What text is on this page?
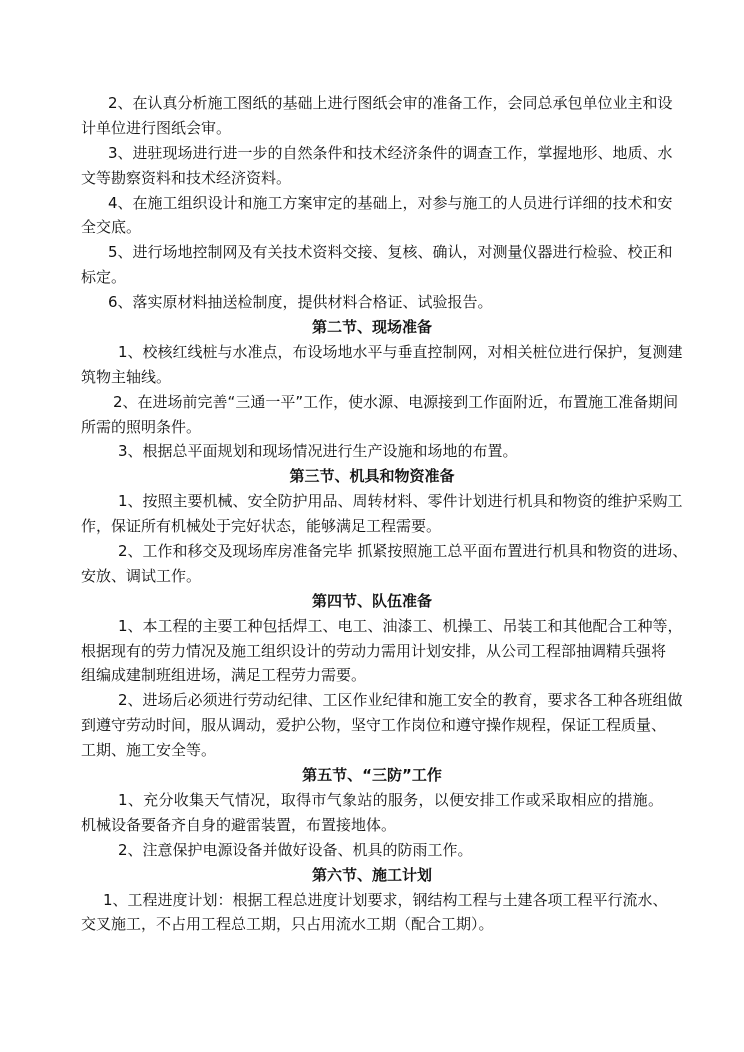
2、在认真分析施工图纸的基础上进行图纸会审的准备工作，会同总承包单位业主和设
计单位进行图纸会审。
3、进驻现场进行进一步的自然条件和技术经济条件的调查工作，掌握地形、地质、水
文等勘察资料和技术经济资料。
4、在施工组织设计和施工方案审定的基础上，对参与施工的人员进行详细的技术和安
全交底。
5、进行场地控制网及有关技术资料交接、复核、确认，对测量仪器进行检验、校正和
标定。
6、落实原材料抽送检制度，提供材料合格证、试验报告。
第二节、现场准备
1、校核红线桩与水准点，布设场地水平与垂直控制网，对相关桩位进行保护，复测建
筑物主轴线。
2、在进场前完善“三通一平”工作，使水源、电源接到工作面附近，布置施工准备期间
所需的照明条件。
3、根据总平面规划和现场情况进行生产设施和场地的布置。
第三节、机具和物资准备
1、按照主要机械、安全防护用品、周转材料、零件计划进行机具和物资的维护采购工
作，保证所有机械处于完好状态，能够满足工程需要。
2、工作和移交及现场库房准备完毕 抓紧按照施工总平面布置进行机具和物资的进场、
安放、调试工作。
第四节、队伍准备
1、本工程的主要工种包括焊工、电工、油漆工、机操工、吊装工和其他配合工种等，
根据现有的劳力情况及施工组织设计的劳动力需用计划安排，从公司工程部抽调精兵强将
组编成建制班组进场，满足工程劳力需要。
2、进场后必须进行劳动纪律、工区作业纪律和施工安全的教育，要求各工种各班组做
到遵守劳动时间，服从调动，爱护公物，坚守工作岗位和遵守操作规程，保证工程质量、
工期、施工安全等。
第五节、“三防”工作
1、充分收集天气情况，取得市气象站的服务，以便安排工作或采取相应的措施。
机械设备要备齐自身的避雷装置，布置接地体。
2、注意保护电源设备并做好设备、机具的防雨工作。
第六节、施工计划
1、工程进度计划：根据工程总进度计划要求，钢结构工程与土建各项工程平行流水、
交叉施工，不占用工程总工期，只占用流水工期（配合工期）。
